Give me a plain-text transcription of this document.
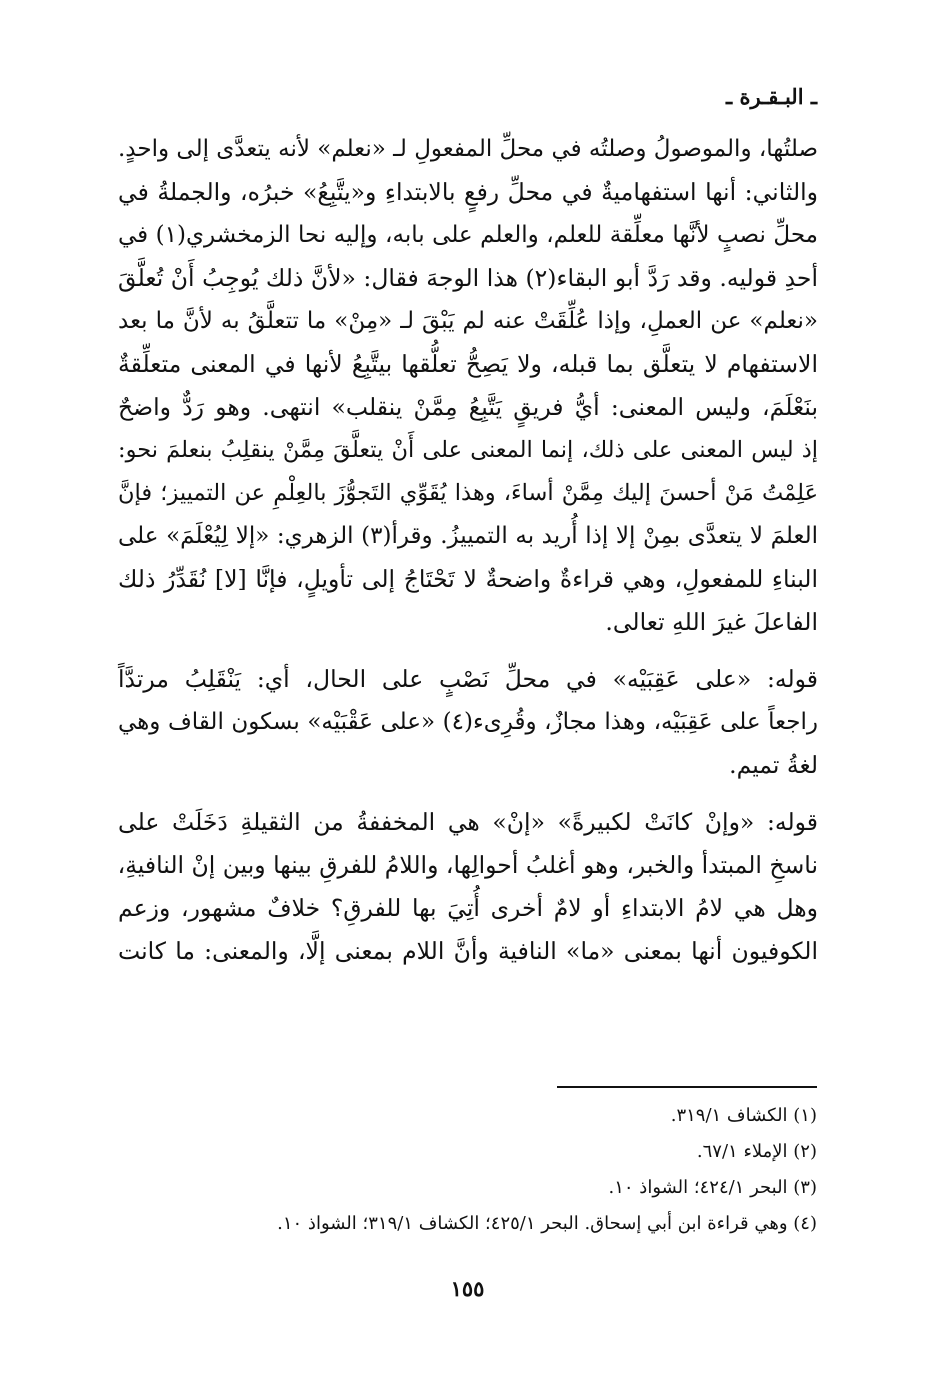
ـ البـقـرة ـ

صلتُها، والموصولُ وصلتُه في محلِّ المفعولِ لـ «نعلم» لأنه يتعدَّى إلى واحدٍ.
والثاني: أنها استفهاميةٌ في محلِّ رفعٍ بالابتداءِ و«يتَّبِعُ» خبرُه، والجملةُ في
محلِّ نصبٍ لأنَّها معلِّقة للعلم، والعلم على بابه، وإليه نحا الزمخشري(١) في
أحدِ قوليه. وقد رَدَّ أبو البقاء(٢) هذا الوجهَ فقال: «لأنَّ ذلك يُوجِبُ أَنْ تُعلَّقَ
«نعلم» عن العملِ، وإذا عُلِّقَتْ عنه لم يَبْقَ لـ «مِنْ» ما تتعلَّقُ به لأنَّ ما بعد
الاستفهام لا يتعلَّق بما قبله، ولا يَصِحُّ تعلُّقها بيتَّبِعُ لأنها في المعنى متعلِّقةٌ
بنَعْلَمَ، وليس المعنى: أيُّ فريقٍ يَتَّبِعُ مِمَّنْ ينقلب» انتهى. وهو رَدٌّ واضحٌ
إذ ليس المعنى على ذلك، إنما المعنى على أَنْ يتعلَّقَ مِمَّنْ ينقلِبُ بنعلمَ نحو:
عَلِمْتُ مَنْ أحسنَ إليك مِمَّنْ أساءَ، وهذا يُقَوِّي التَجوُّزَ بالعِلْمِ عن التمييز؛ فإنَّ
العلمَ لا يتعدَّى بمِنْ إلا إذا أُريد به التمييزُ. وقرأ(٣) الزهري: «إلا لِيُعْلَمَ» على
البناءِ للمفعولِ، وهي قراءةٌ واضحةٌ لا تَحْتَاجُ إلى تأويلٍ، فإنَّا [لا] نُقَدِّرُ ذلك
الفاعلَ غيرَ اللهِ تعالى.

قوله: «على عَقِبَيْه» في محلِّ نَصْبٍ على الحال، أي: يَنْقَلِبُ مرتدَّاً
راجعاً على عَقِبَيْه، وهذا مجازٌ، وقُرِىء(٤) «على عَقْبَيْه» بسكون القاف وهي
لغةُ تميم.

قوله: «وإنْ كانَتْ لكبيرةً» «إنْ» هي المخففةُ من الثقيلةِ دَخَلَتْ على
ناسخِ المبتدأ والخبر، وهو أغلبُ أحوالِها، واللامُ للفرقِ بينها وبين إنْ النافيةِ،
وهل هي لامُ الابتداءِ أو لامٌ أخرى أُتِيَ بها للفرقِ؟ خلافٌ مشهور، وزعم
الكوفيون أنها بمعنى «ما» النافية وأنَّ اللام بمعنى إلَّا، والمعنى: ما كانت

(١) الكشاف ٣١٩/١.
(٢) الإملاء ٦٧/١.
(٣) البحر ٤٢٤/١؛ الشواذ ١٠.
(٤) وهي قراءة ابن أبي إسحاق. البحر ٤٢٥/١؛ الكشاف ٣١٩/١؛ الشواذ ١٠.
١٥٥
